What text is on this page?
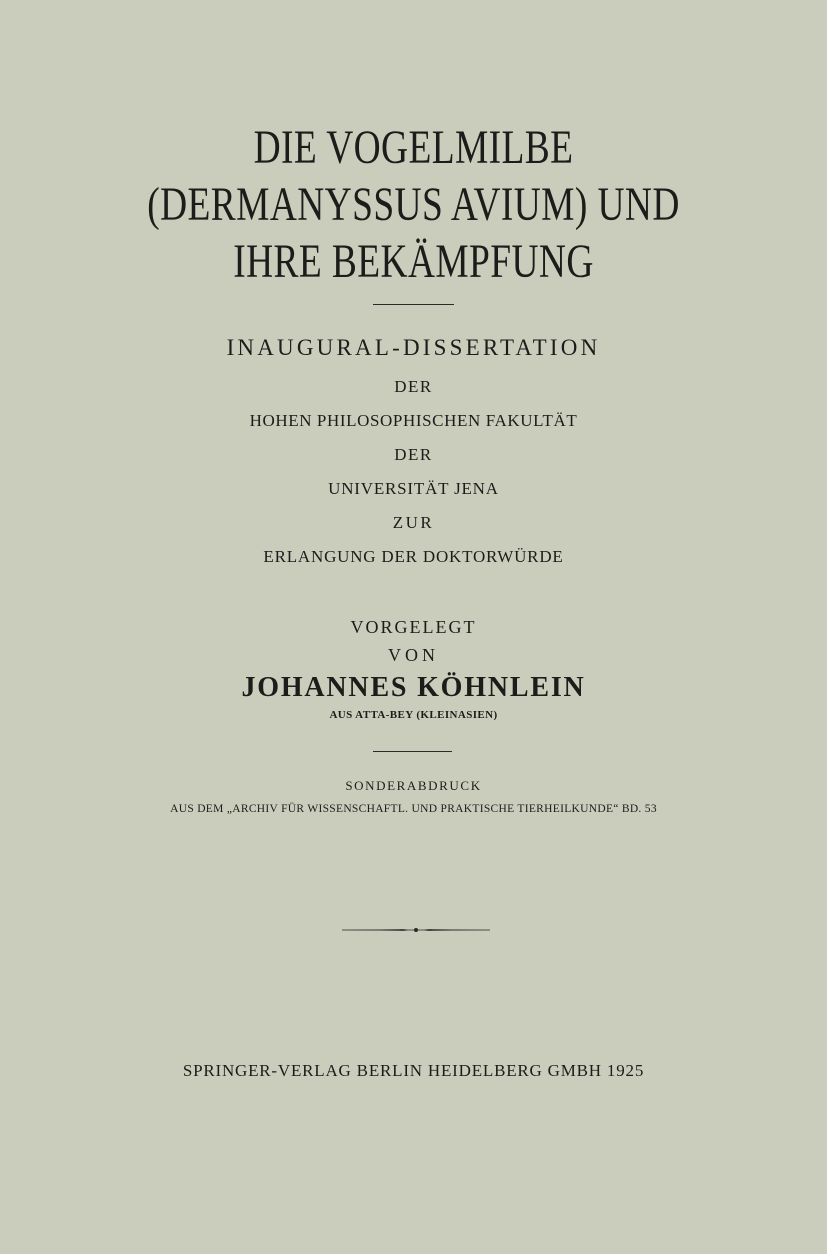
DIE VOGELMILBE
(DERMANYSSUS AVIUM) UND
IHRE BEKÄMPFUNG
INAUGURAL-DISSERTATION
DER
HOHEN PHILOSOPHISCHEN FAKULTÄT
DER
UNIVERSITÄT JENA
ZUR
ERLANGUNG DER DOKTORWÜRDE
VORGELEGT
VON
JOHANNES KÖHNLEIN
AUS ATTA-BEY (KLEINASIEN)
SONDERABDRUCK
AUS DEM „ARCHIV FÜR WISSENSCHAFTL. UND PRAKTISCHE TIERHEILKUNDE“ BD. 53
SPRINGER-VERLAG BERLIN HEIDELBERG GMBH 1925
